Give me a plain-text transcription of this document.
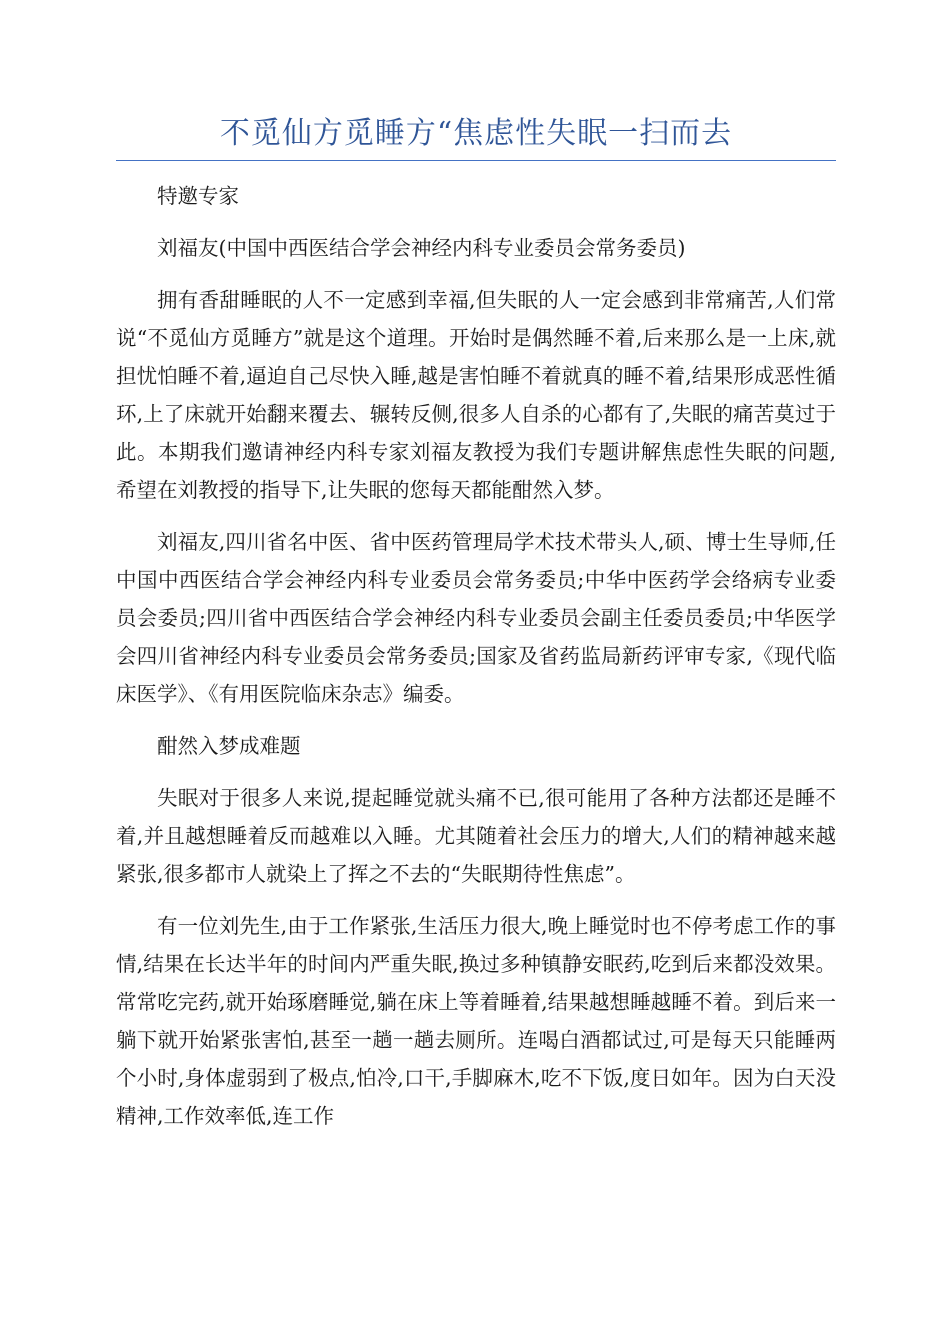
不觅仙方觅睡方“焦虑性失眠一扫而去

特邀专家

刘福友(中国中西医结合学会神经内科专业委员会常务委员)

拥有香甜睡眠的人不一定感到幸福,但失眠的人一定会感到非常痛苦,人们常说“不觅仙方觅睡方”就是这个道理。开始时是偶然睡不着,后来那么是一上床,就担忧怕睡不着,逼迫自己尽快入睡,越是害怕睡不着就真的睡不着,结果形成恶性循环,上了床就开始翻来覆去、辗转反侧,很多人自杀的心都有了,失眠的痛苦莫过于此。本期我们邀请神经内科专家刘福友教授为我们专题讲解焦虑性失眠的问题,希望在刘教授的指导下,让失眠的您每天都能酣然入梦。

刘福友,四川省名中医、省中医药管理局学术技术带头人,硕、博士生导师,任中国中西医结合学会神经内科专业委员会常务委员;中华中医药学会络病专业委员会委员;四川省中西医结合学会神经内科专业委员会副主任委员委员;中华医学会四川省神经内科专业委员会常务委员;国家及省药监局新药评审专家,《现代临床医学》、《有用医院临床杂志》编委。

酣然入梦成难题

失眠对于很多人来说,提起睡觉就头痛不已,很可能用了各种方法都还是睡不着,并且越想睡着反而越难以入睡。尤其随着社会压力的增大,人们的精神越来越紧张,很多都市人就染上了挥之不去的“失眠期待性焦虑”。

有一位刘先生,由于工作紧张,生活压力很大,晚上睡觉时也不停考虑工作的事情,结果在长达半年的时间内严重失眠,换过多种镇静安眠药,吃到后来都没效果。常常吃完药,就开始琢磨睡觉,躺在床上等着睡着,结果越想睡越睡不着。到后来一躺下就开始紧张害怕,甚至一趟一趟去厕所。连喝白酒都试过,可是每天只能睡两个小时,身体虚弱到了极点,怕冷,口干,手脚麻木,吃不下饭,度日如年。因为白天没精神,工作效率低,连工作
